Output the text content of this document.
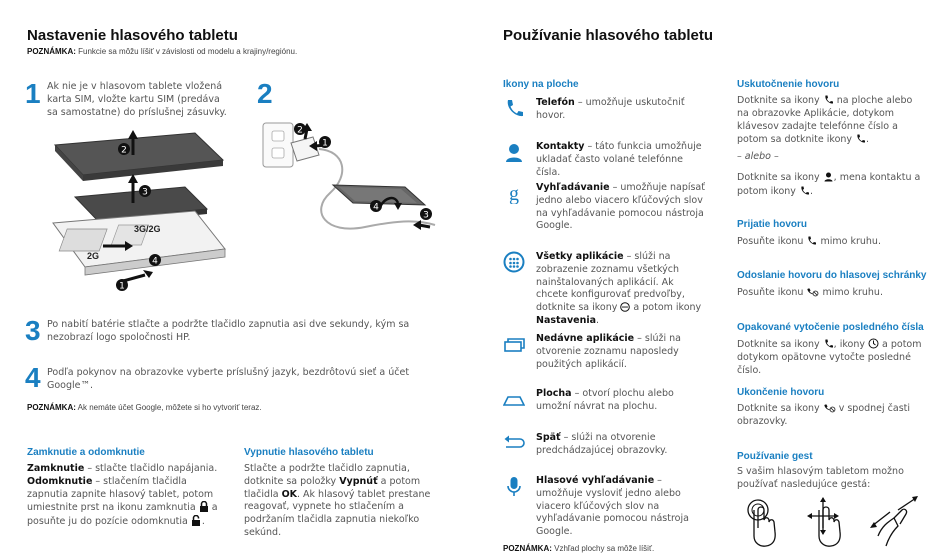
Nastavenie hlasového tabletu
POZNÁMKA: Funkcie sa môžu líšiť v závislosti od modelu a krajiny/regiónu.
1 Ak nie je v hlasovom tablete vložená karta SIM, vložte kartu SIM (predáva sa samostatne) do príslušnej zásuvky.
2
2
3
4
1
3G/2G
2G
1
2
4
3
3 Po nabití batérie stlačte a podržte tlačidlo zapnutia asi dve sekundy, kým sa nezobrazí logo spoločnosti HP.
4 Podľa pokynov na obrazovke vyberte príslušný jazyk, bezdrôtovú sieť a účet Google™.
POZNÁMKA: Ak nemáte účet Google, môžete si ho vytvoriť teraz.
Zamknutie a odomknutie
Zamknutie – stlačte tlačidlo napájania.
Odomknutie – stlačením tlačidla zapnutia zapnite hlasový tablet, potom umiestnite prst na ikonu zamknutia  a posuňte ju do pozície odomknutia .
Vypnutie hlasového tabletu
Stlačte a podržte tlačidlo zapnutia, dotknite sa položky Vypnúť a potom tlačidla OK. Ak hlasový tablet prestane reagovať, vypnete ho stlačením a podržaním tlačidla zapnutia niekoľko sekúnd.
Používanie hlasového tabletu
Ikony na ploche
Telefón – umožňuje uskutočniť hovor.
Kontakty – táto funkcia umožňuje ukladať často volané telefónne čísla.
g Vyhľadávanie – umožňuje napísať jedno alebo viacero kľúčových slov na vyhľadávanie pomocou nástroja Google.
Všetky aplikácie – slúži na zobrazenie zoznamu všetkých nainštalovaných aplikácií. Ak chcete konfigurovať predvoľby, dotknite sa ikony  a potom ikony Nastavenia.
Nedávne aplikácie – slúži na otvorenie zoznamu naposledy použitých aplikácií.
Plocha – otvorí plochu alebo umožní návrat na plochu.
Späť – slúži na otvorenie predchádzajúcej obrazovky.
Hlasové vyhľadávanie – umožňuje vysloviť jedno alebo viacero kľúčových slov na vyhľadávanie pomocou nástroja Google.
POZNÁMKA: Vzhľad plochy sa môže líšiť.
Uskutočnenie hovoru
Dotknite sa ikony  na ploche alebo na obrazovke Aplikácie, dotykom klávesov zadajte telefónne číslo a potom sa dotknite ikony .
– alebo –
Dotknite sa ikony , mena kontaktu a potom ikony .
Prijatie hovoru
Posuňte ikonu  mimo kruhu.
Odoslanie hovoru do hlasovej schránky
Posuňte ikonu  mimo kruhu.
Opakované vytočenie posledného čísla
Dotknite sa ikony , ikony  a potom dotykom opätovne vytočte posledné číslo.
Ukončenie hovoru
Dotknite sa ikony  v spodnej časti obrazovky.
Používanie gest
S vašim hlasovým tabletom možno používať nasledujúce gestá:
